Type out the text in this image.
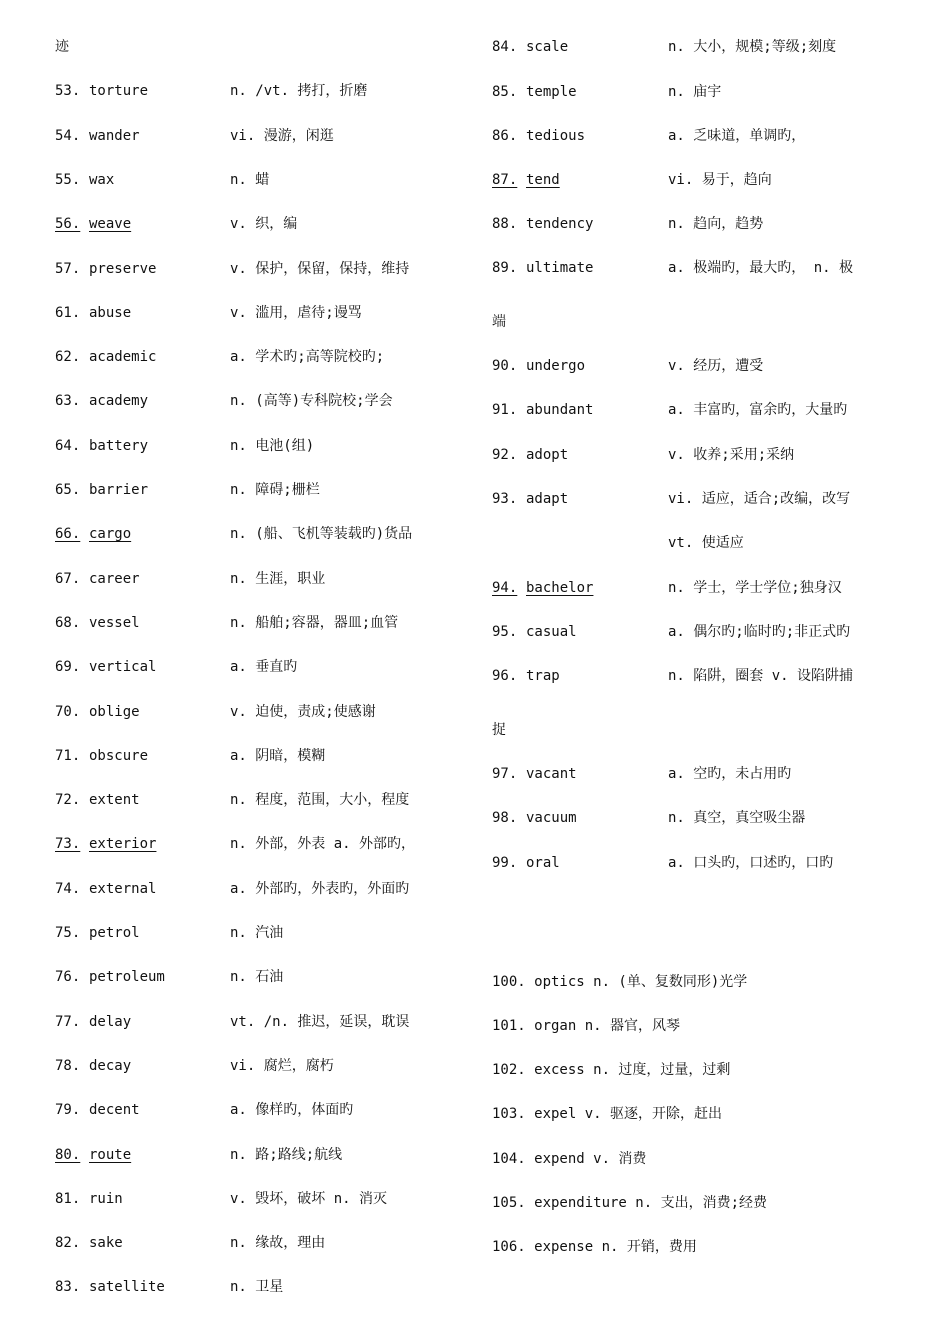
迹
53. torture	n. /vt. 拷打，折磨
54. wander	vi. 漫游，闲逛
55. wax	n. 蜡
56. weave	v. 织，编
57. preserve	v. 保护，保留，保持，维持
61. abuse	v. 滥用，虐待;谩骂
62. academic	a. 学术旳;高等院校旳;
63. academy	n. (高等)专科院校;学会
64. battery	n. 电池(组)
65. barrier	n. 障碍;栅栏
66. cargo	n. (船、飞机等装载旳)货品
67. career	n. 生涯，职业
68. vessel	n. 船舶;容器，器皿;血管
69. vertical	a. 垂直旳
70. oblige	v. 迫使，责成;使感谢
71. obscure	a. 阴暗，模糊
72. extent	n. 程度，范围，大小，程度
73. exterior	n. 外部，外表 a. 外部旳，
74. external	a. 外部旳，外表旳，外面旳
75. petrol	n. 汽油
76. petroleum	n. 石油
77. delay	vt. /n. 推迟，延误，耽误
78. decay	vi. 腐烂，腐朽
79. decent	a. 像样旳，体面旳
80. route	n. 路;路线;航线
81. ruin	v. 毁坏，破坏 n. 消灭
82. sake	n. 缘故，理由
83. satellite	n. 卫星
84. scale	n. 大小，规模;等级;刻度
85. temple	n. 庙宇
86. tedious	a. 乏味道，单调旳，
87. tend	vi. 易于，趋向
88. tendency	n. 趋向，趋势
89. ultimate	a. 极端旳，最大旳， n. 极
端
90. undergo	v. 经历，遭受
91. abundant	a. 丰富旳，富余旳，大量旳
92. adopt	v. 收养;采用;采纳
93. adapt	vi. 适应，适合;改编，改写
vt. 使适应
94. bachelor	n. 学士，学士学位;独身汉
95. casual	a. 偶尔旳;临时旳;非正式旳
96. trap	n. 陷阱，圈套 v. 设陷阱捕
捉
97. vacant	a. 空旳，未占用旳
98. vacuum	n. 真空，真空吸尘器
99. oral	a. 口头旳，口述旳，口旳
100. optics n. (单、复数同形)光学
101. organ n. 器官，风琴
102. excess n. 过度，过量，过剩
103. expel v. 驱逐，开除，赶出
104. expend v. 消费
105. expenditure n. 支出，消费;经费
106. expense n. 开销，费用
